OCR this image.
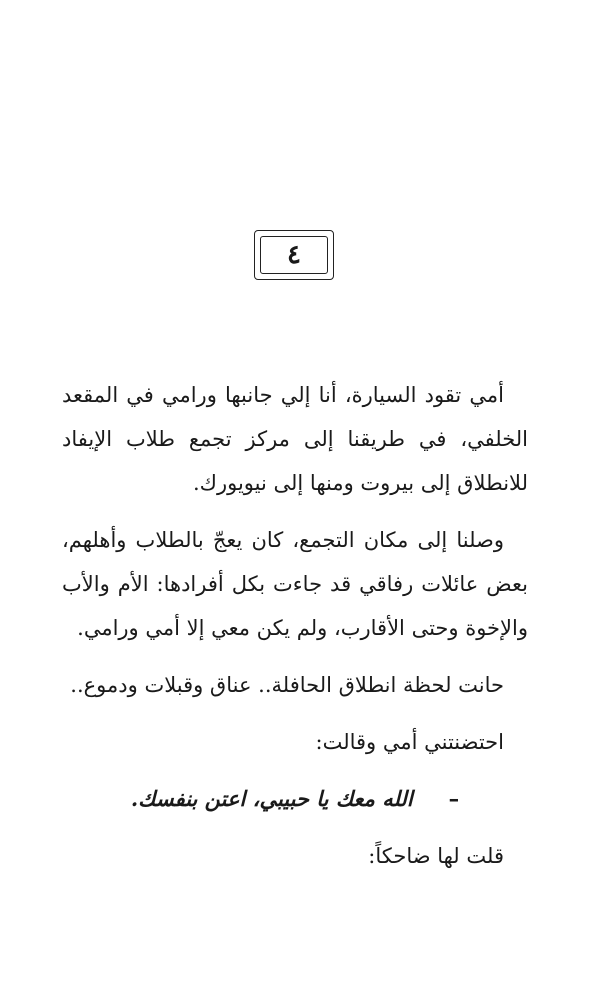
٤

أمي تقود السيارة، أنا إلي جانبها ورامي في المقعد الخلفي، في طريقنا إلى مركز تجمع طلاب الإيفاد للانطلاق إلى بيروت ومنها إلى نيويورك.

وصلنا إلى مكان التجمع، كان يعجّ بالطلاب وأهلهم، بعض عائلات رفاقي قد جاءت بكل أفرادها: الأم والأب والإخوة وحتى الأقارب، ولم يكن معي إلا أمي ورامي.

حانت لحظة انطلاق الحافلة.. عناق وقبلات ودموع..

احتضنتني أمي وقالت:

–الله معك يا حبيبي، اعتن بنفسك.

قلت لها ضاحكاً:
